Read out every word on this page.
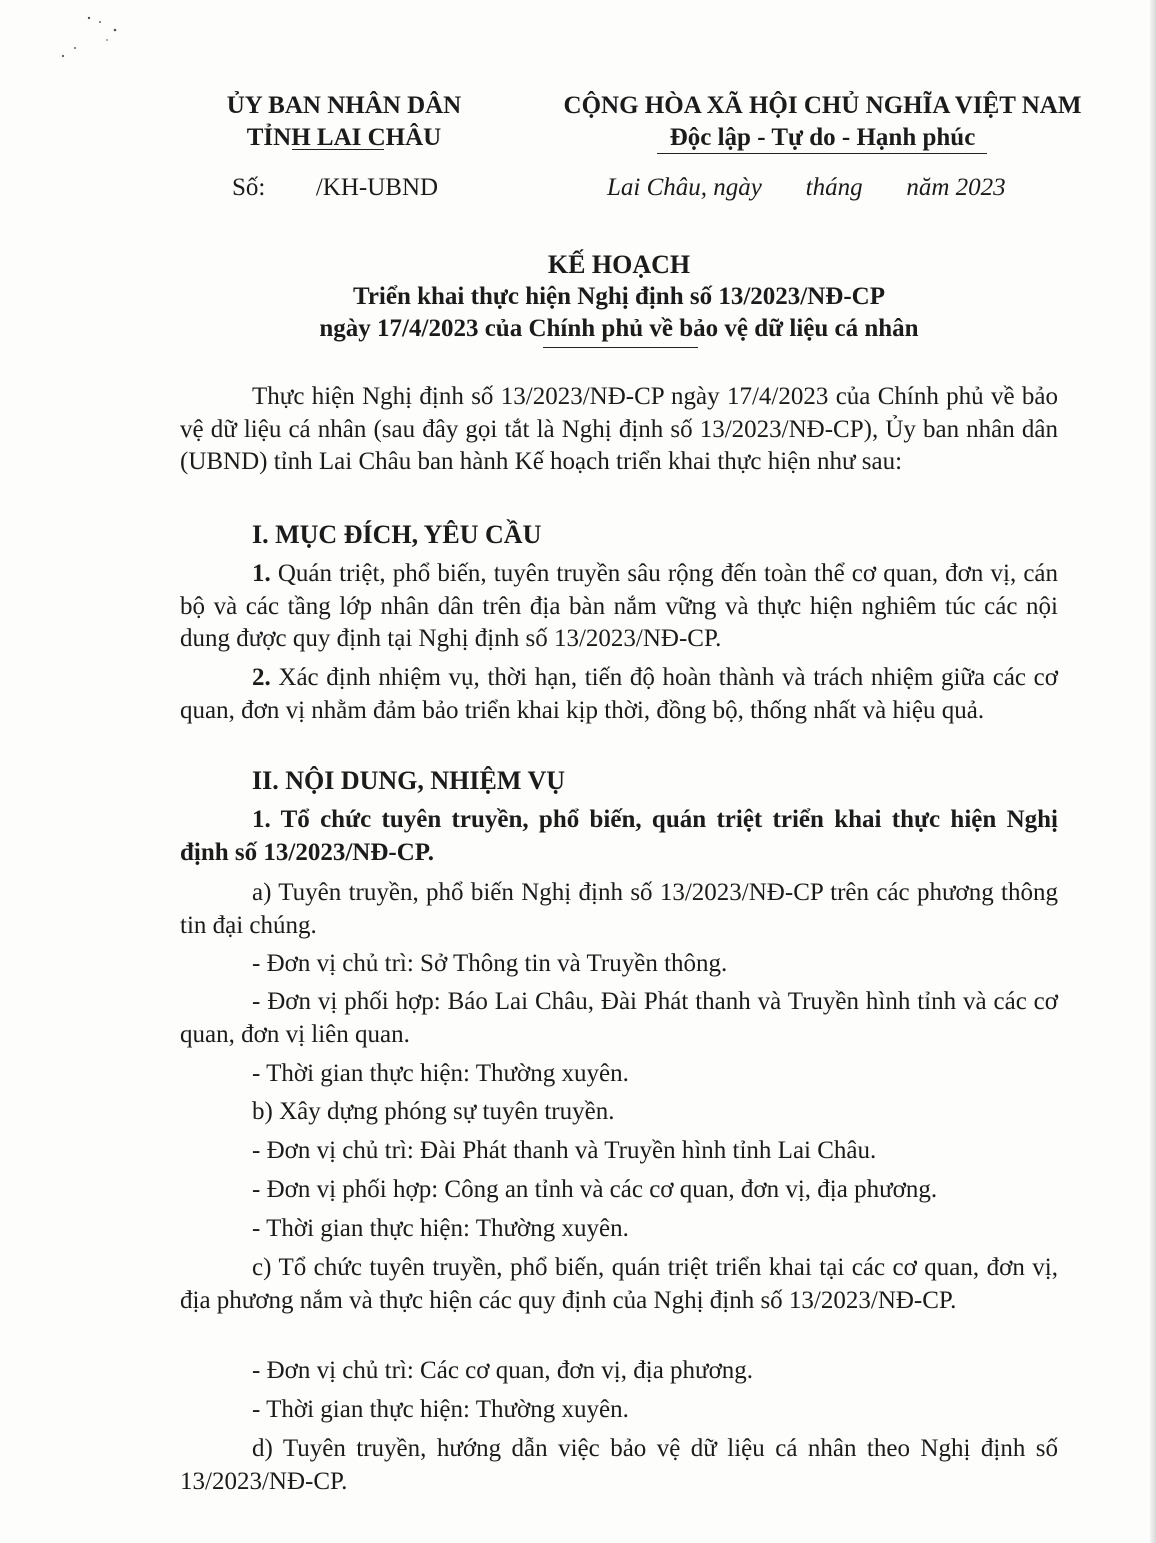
ỦY BAN NHÂN DÂN
TỈNH LAI CHÂU
CỘNG HÒA XÃ HỘI CHỦ NGHĨA VIỆT NAM
Độc lập - Tự do - Hạnh phúc
Số: /KH-UBND	Lai Châu, ngày       tháng       năm 2023
KẾ HOẠCH
Triển khai thực hiện Nghị định số 13/2023/NĐ-CP
ngày 17/4/2023 của Chính phủ về bảo vệ dữ liệu cá nhân
Thực hiện Nghị định số 13/2023/NĐ-CP ngày 17/4/2023 của Chính phủ về bảo vệ dữ liệu cá nhân (sau đây gọi tắt là Nghị định số 13/2023/NĐ-CP), Ủy ban nhân dân (UBND) tỉnh Lai Châu ban hành Kế hoạch triển khai thực hiện như sau:
I. MỤC ĐÍCH, YÊU CẦU
1. Quán triệt, phổ biến, tuyên truyền sâu rộng đến toàn thể cơ quan, đơn vị, cán bộ và các tầng lớp nhân dân trên địa bàn nắm vững và thực hiện nghiêm túc các nội dung được quy định tại Nghị định số 13/2023/NĐ-CP.
2. Xác định nhiệm vụ, thời hạn, tiến độ hoàn thành và trách nhiệm giữa các cơ quan, đơn vị nhằm đảm bảo triển khai kịp thời, đồng bộ, thống nhất và hiệu quả.
II. NỘI DUNG, NHIỆM VỤ
1. Tổ chức tuyên truyền, phổ biến, quán triệt triển khai thực hiện Nghị định số 13/2023/NĐ-CP.
a) Tuyên truyền, phổ biến Nghị định số 13/2023/NĐ-CP trên các phương thông tin đại chúng.
- Đơn vị chủ trì: Sở Thông tin và Truyền thông.
- Đơn vị phối hợp: Báo Lai Châu, Đài Phát thanh và Truyền hình tỉnh và các cơ quan, đơn vị liên quan.
- Thời gian thực hiện: Thường xuyên.
b) Xây dựng phóng sự tuyên truyền.
- Đơn vị chủ trì: Đài Phát thanh và Truyền hình tỉnh Lai Châu.
- Đơn vị phối hợp: Công an tỉnh và các cơ quan, đơn vị, địa phương.
- Thời gian thực hiện: Thường xuyên.
c) Tổ chức tuyên truyền, phổ biến, quán triệt triển khai tại các cơ quan, đơn vị, địa phương nắm và thực hiện các quy định của Nghị định số 13/2023/NĐ-CP.
- Đơn vị chủ trì: Các cơ quan, đơn vị, địa phương.
- Thời gian thực hiện: Thường xuyên.
d) Tuyên truyền, hướng dẫn việc bảo vệ dữ liệu cá nhân theo Nghị định số 13/2023/NĐ-CP.
